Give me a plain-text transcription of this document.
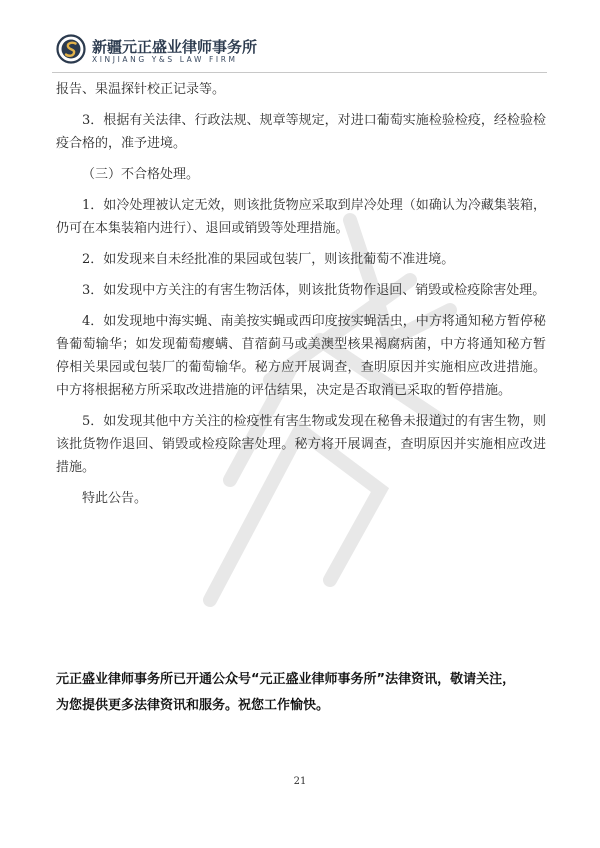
新疆元正盛业律师事务所
XINJIANG Y&S LAW FIRM

报告、果温探针校正记录等。

3．根据有关法律、行政法规、规章等规定，对进口葡萄实施检验检疫，经检验检疫合格的，准予进境。

（三）不合格处理。

1．如冷处理被认定无效，则该批货物应采取到岸冷处理（如确认为冷藏集装箱，仍可在本集装箱内进行）、退回或销毁等处理措施。

2．如发现来自未经批准的果园或包装厂，则该批葡萄不准进境。

3．如发现中方关注的有害生物活体，则该批货物作退回、销毁或检疫除害处理。

4．如发现地中海实蝇、南美按实蝇或西印度按实蝇活虫，中方将通知秘方暂停秘鲁葡萄输华；如发现葡萄瘿螨、苜蓿蓟马或美澳型核果褐腐病菌，中方将通知秘方暂停相关果园或包装厂的葡萄输华。秘方应开展调查，查明原因并实施相应改进措施。中方将根据秘方所采取改进措施的评估结果，决定是否取消已采取的暂停措施。

5．如发现其他中方关注的检疫性有害生物或发现在秘鲁未报道过的有害生物，则该批货物作退回、销毁或检疫除害处理。秘方将开展调查，查明原因并实施相应改进措施。

特此公告。

元正盛业律师事务所已开通公众号“元正盛业律师事务所”法律资讯，敬请关注，

为您提供更多法律资讯和服务。祝您工作愉快。

21
